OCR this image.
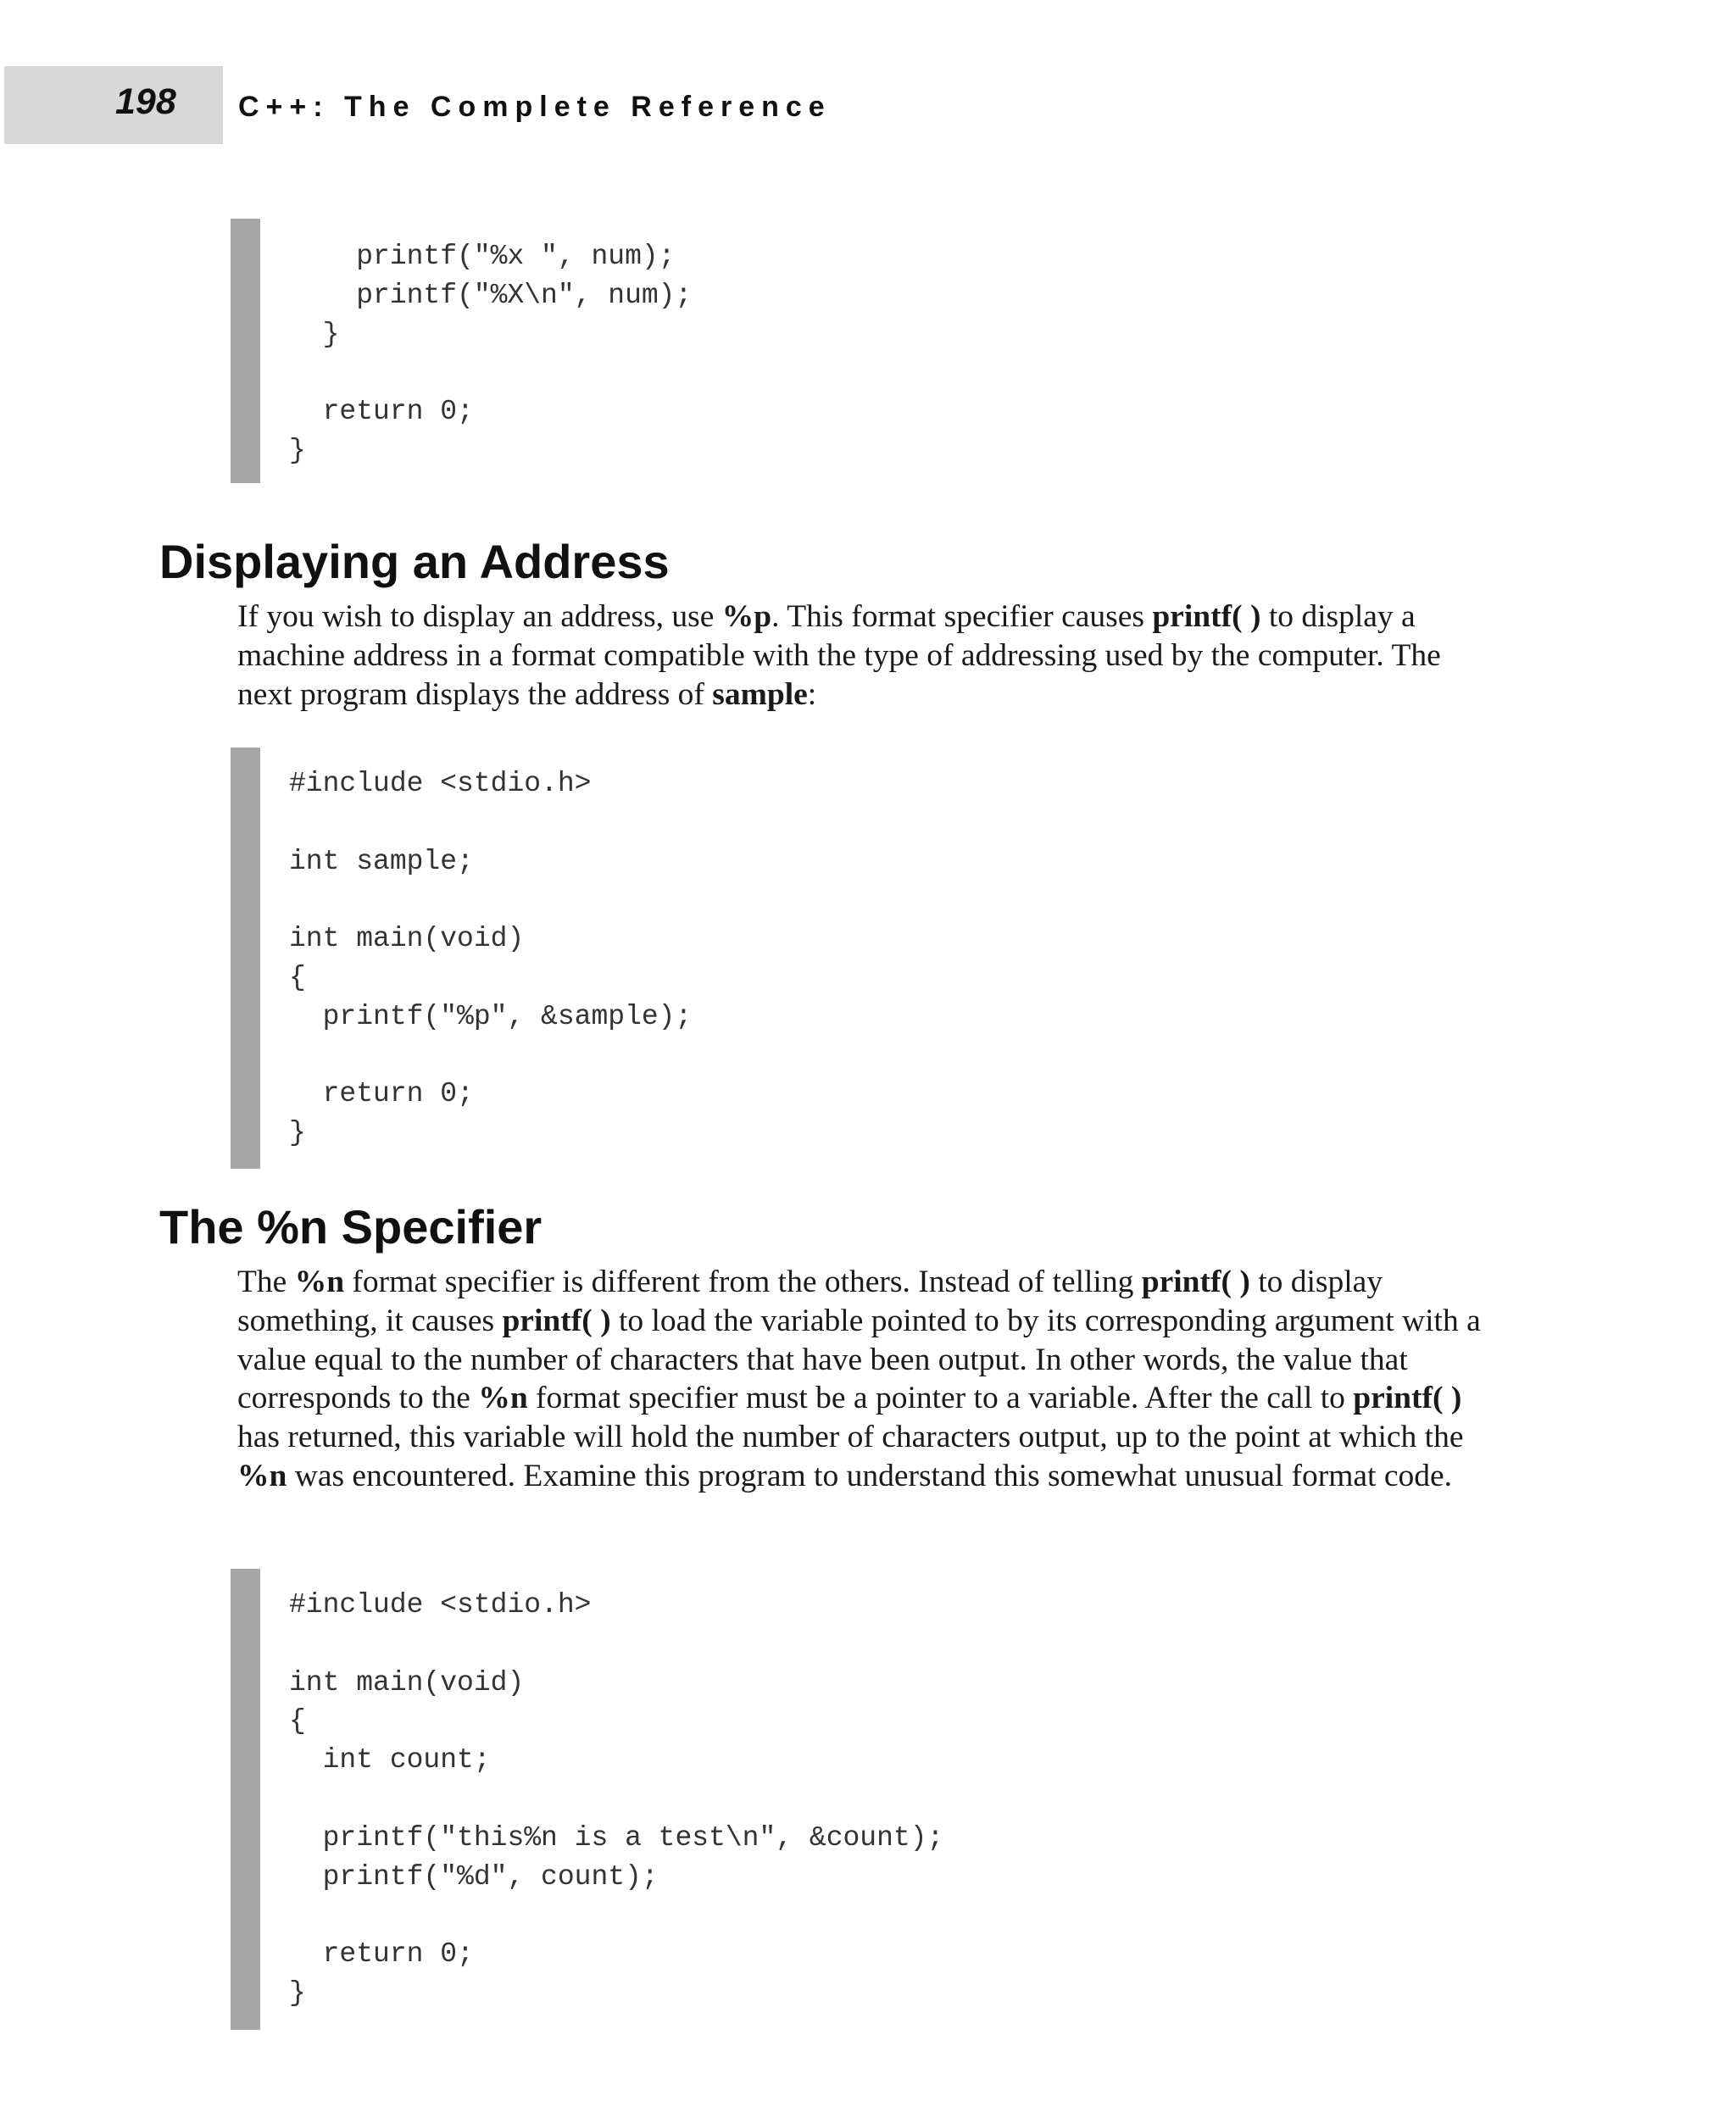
198 C++: The Complete Reference
printf("%x ", num);
printf("%X\n", num);
}
return 0;
}
Displaying an Address
If you wish to display an address, use %p. This format specifier causes printf( ) to display a machine address in a format compatible with the type of addressing used by the computer. The next program displays the address of sample:
#include <stdio.h>
int sample;
int main(void)
{
printf("%p", &sample);
return 0;
}
The %n Specifier
The %n format specifier is different from the others. Instead of telling printf( ) to display something, it causes printf( ) to load the variable pointed to by its corresponding argument with a value equal to the number of characters that have been output. In other words, the value that corresponds to the %n format specifier must be a pointer to a variable. After the call to printf( ) has returned, this variable will hold the number of characters output, up to the point at which the %n was encountered. Examine this program to understand this somewhat unusual format code.
#include <stdio.h>
int main(void)
{
int count;
printf("this%n is a test\n", &count);
printf("%d", count);
return 0;
}
